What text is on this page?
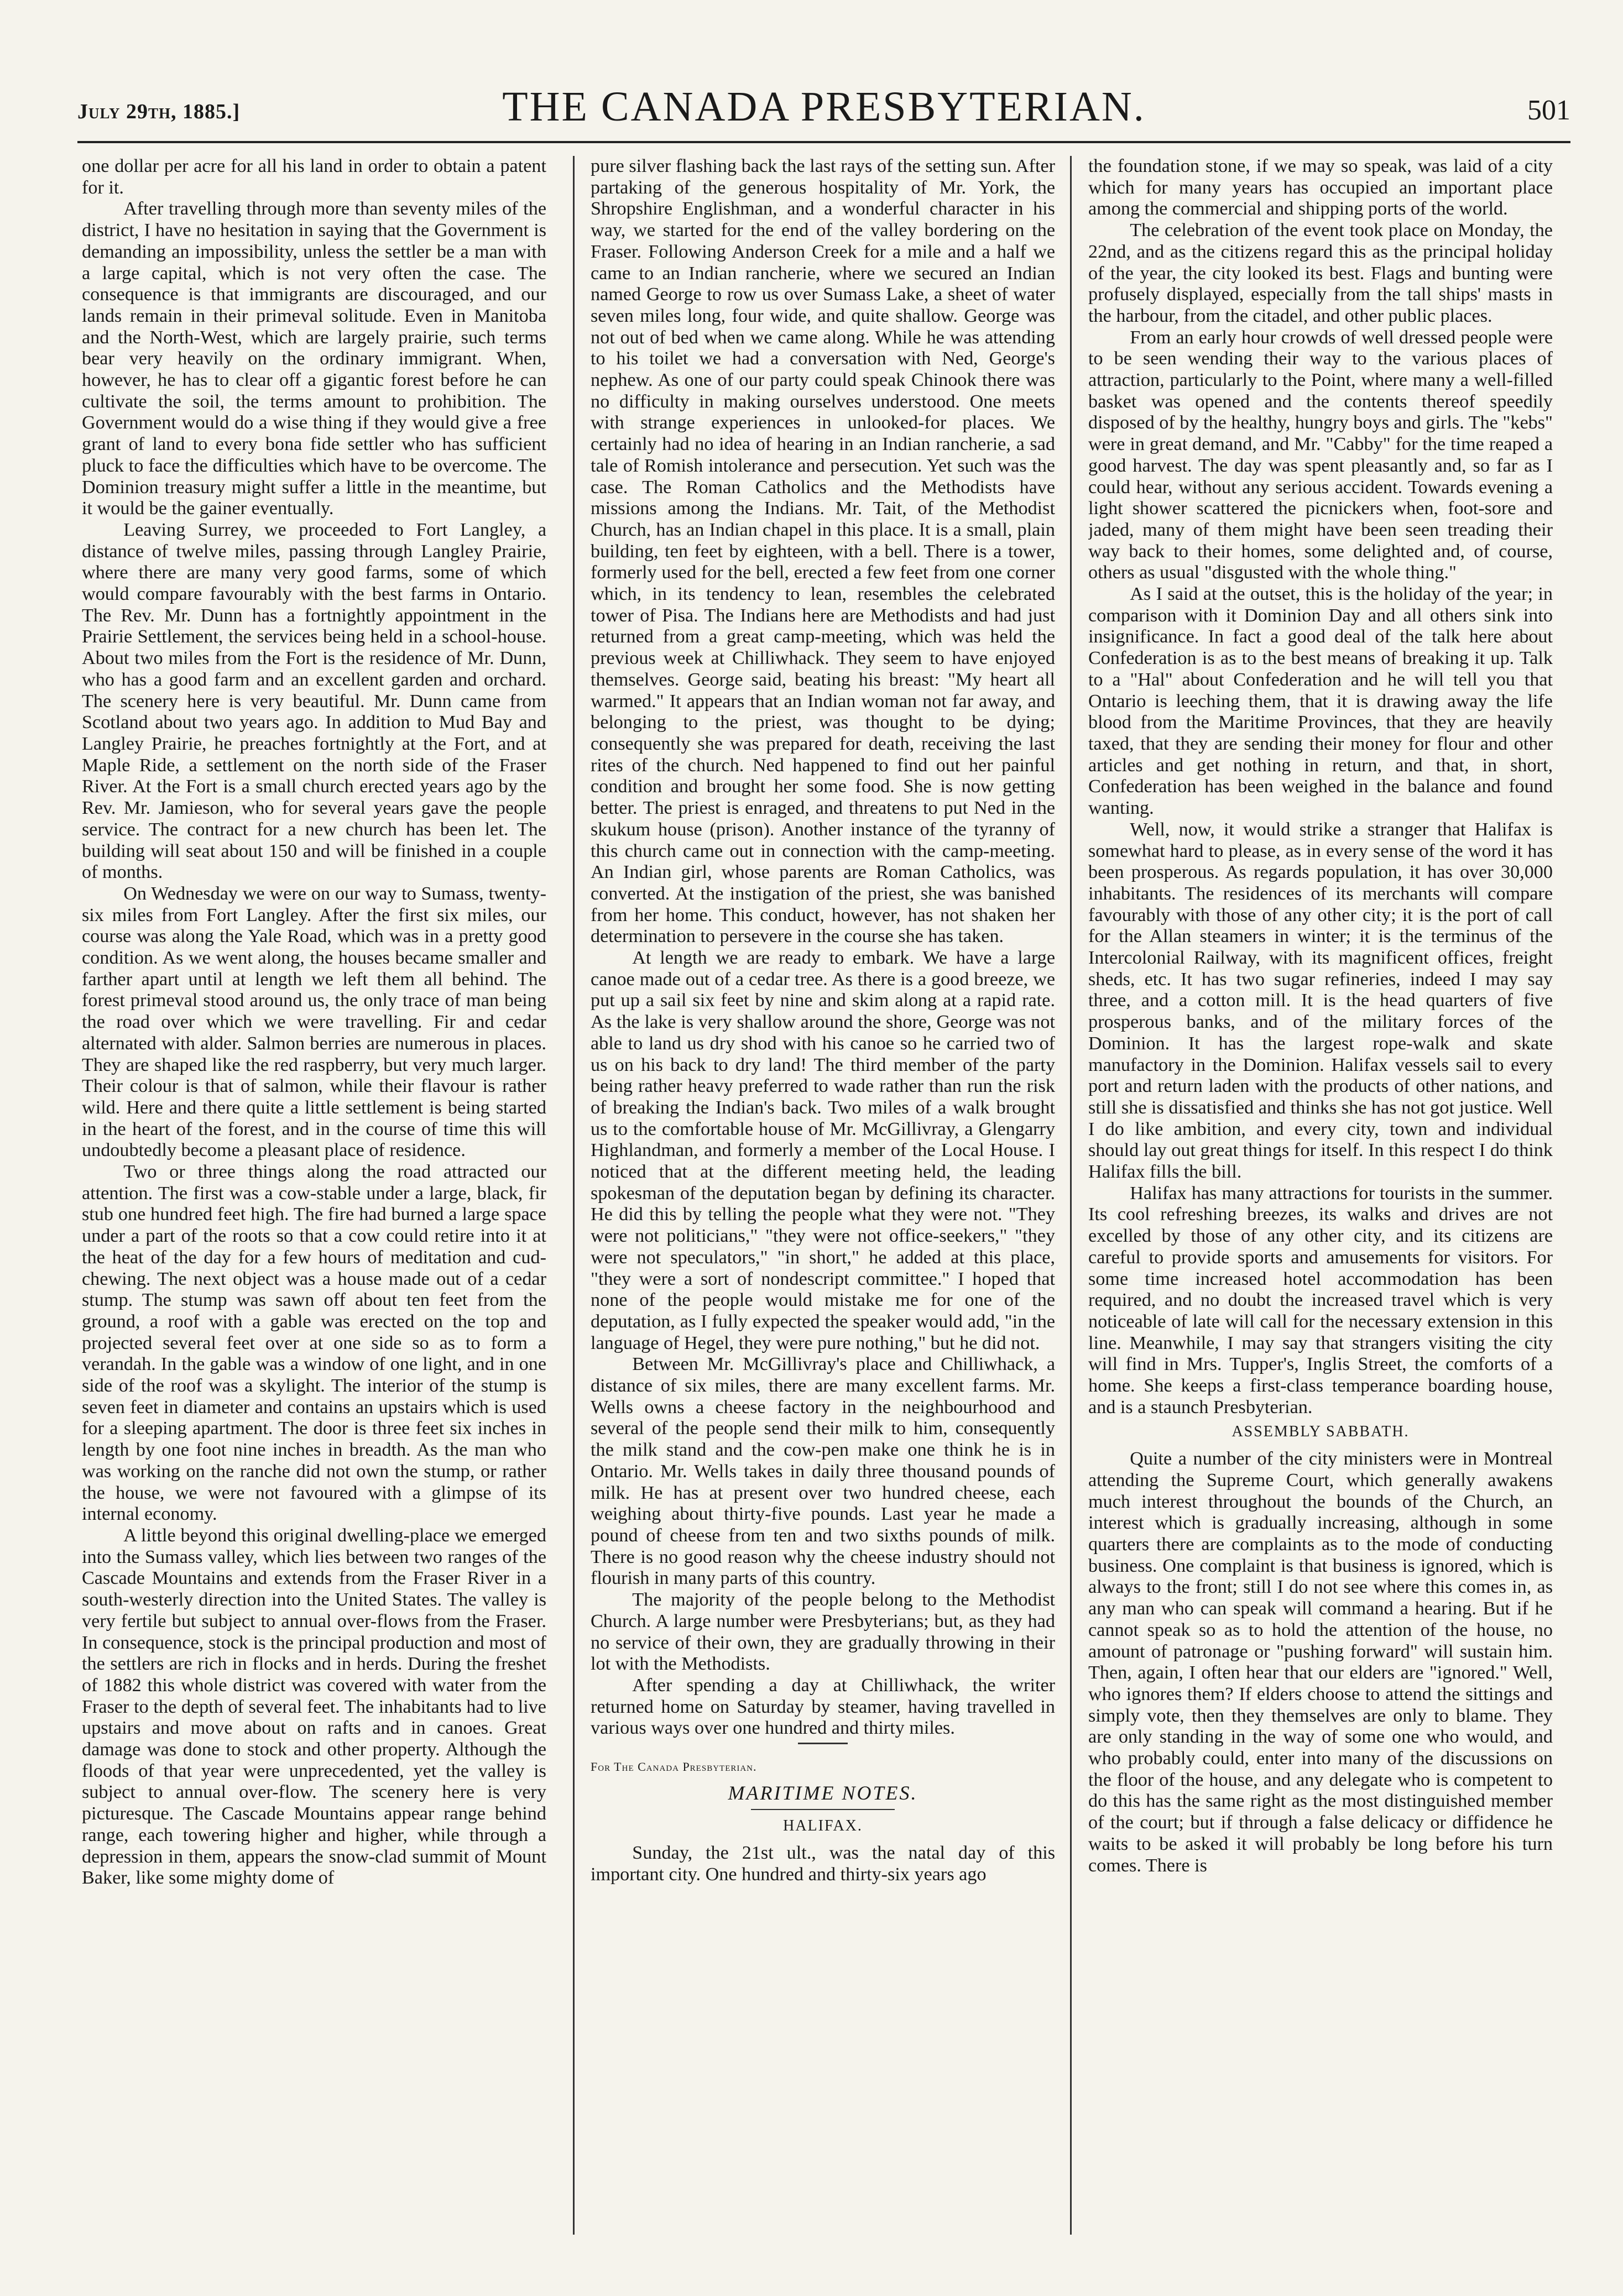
July 29th, 1885.]	THE CANADA PRESBYTERIAN.	501

one dollar per acre for all his land in order to obtain a patent for it.

After travelling through more than seventy miles of the district, I have no hesitation in saying that the Government is demanding an impossibility, unless the settler be a man with a large capital, which is not very often the case. The consequence is that immigrants are discouraged, and our lands remain in their primeval solitude. Even in Manitoba and the North-West, which are largely prairie, such terms bear very heavily on the ordinary immigrant. When, however, he has to clear off a gigantic forest before he can cultivate the soil, the terms amount to prohibition. The Government would do a wise thing if they would give a free grant of land to every bona fide settler who has sufficient pluck to face the difficulties which have to be overcome. The Dominion treasury might suffer a little in the meantime, but it would be the gainer eventually.

Leaving Surrey, we proceeded to Fort Langley, a distance of twelve miles, passing through Langley Prairie, where there are many very good farms, some of which would compare favourably with the best farms in Ontario. The Rev. Mr. Dunn has a fortnightly appointment in the Prairie Settlement, the services being held in a school-house. About two miles from the Fort is the residence of Mr. Dunn, who has a good farm and an excellent garden and orchard. The scenery here is very beautiful. Mr. Dunn came from Scotland about two years ago. In addition to Mud Bay and Langley Prairie, he preaches fortnightly at the Fort, and at Maple Ride, a settlement on the north side of the Fraser River. At the Fort is a small church erected years ago by the Rev. Mr. Jamieson, who for several years gave the people service. The contract for a new church has been let. The building will seat about 150 and will be finished in a couple of months.

On Wednesday we were on our way to Sumass, twenty-six miles from Fort Langley. After the first six miles, our course was along the Yale Road, which was in a pretty good condition. As we went along, the houses became smaller and farther apart until at length we left them all behind. The forest primeval stood around us, the only trace of man being the road over which we were travelling. Fir and cedar alternated with alder. Salmon berries are numerous in places. They are shaped like the red raspberry, but very much larger. Their colour is that of salmon, while their flavour is rather wild. Here and there quite a little settlement is being started in the heart of the forest, and in the course of time this will undoubtedly become a pleasant place of residence.

Two or three things along the road attracted our attention. The first was a cow-stable under a large, black, fir stub one hundred feet high. The fire had burned a large space under a part of the roots so that a cow could retire into it at the heat of the day for a few hours of meditation and cud-chewing. The next object was a house made out of a cedar stump. The stump was sawn off about ten feet from the ground, a roof with a gable was erected on the top and projected several feet over at one side so as to form a verandah. In the gable was a window of one light, and in one side of the roof was a skylight. The interior of the stump is seven feet in diameter and contains an upstairs which is used for a sleeping apartment. The door is three feet six inches in length by one foot nine inches in breadth. As the man who was working on the ranche did not own the stump, or rather the house, we were not favoured with a glimpse of its internal economy.

A little beyond this original dwelling-place we emerged into the Sumass valley, which lies between two ranges of the Cascade Mountains and extends from the Fraser River in a south-westerly direction into the United States. The valley is very fertile but subject to annual over-flows from the Fraser. In consequence, stock is the principal production and most of the settlers are rich in flocks and in herds. During the freshet of 1882 this whole district was covered with water from the Fraser to the depth of several feet. The inhabitants had to live upstairs and move about on rafts and in canoes. Great damage was done to stock and other property. Although the floods of that year were unprecedented, yet the valley is subject to annual over-flow. The scenery here is very picturesque. The Cascade Mountains appear range behind range, each towering higher and higher, while through a depression in them, appears the snow-clad summit of Mount Baker, like some mighty dome of

pure silver flashing back the last rays of the setting sun. After partaking of the generous hospitality of Mr. York, the Shropshire Englishman, and a wonderful character in his way, we started for the end of the valley bordering on the Fraser. Following Anderson Creek for a mile and a half we came to an Indian rancherie, where we secured an Indian named George to row us over Sumass Lake, a sheet of water seven miles long, four wide, and quite shallow. George was not out of bed when we came along. While he was attending to his toilet we had a conversation with Ned, George's nephew. As one of our party could speak Chinook there was no difficulty in making ourselves understood. One meets with strange experiences in unlooked-for places. We certainly had no idea of hearing in an Indian rancherie, a sad tale of Romish intolerance and persecution. Yet such was the case. The Roman Catholics and the Methodists have missions among the Indians. Mr. Tait, of the Methodist Church, has an Indian chapel in this place. It is a small, plain building, ten feet by eighteen, with a bell. There is a tower, formerly used for the bell, erected a few feet from one corner which, in its tendency to lean, resembles the celebrated tower of Pisa. The Indians here are Methodists and had just returned from a great camp-meeting, which was held the previous week at Chilliwhack. They seem to have enjoyed themselves. George said, beating his breast: "My heart all warmed." It appears that an Indian woman not far away, and belonging to the priest, was thought to be dying; consequently she was prepared for death, receiving the last rites of the church. Ned happened to find out her painful condition and brought her some food. She is now getting better. The priest is enraged, and threatens to put Ned in the skukum house (prison). Another instance of the tyranny of this church came out in connection with the camp-meeting. An Indian girl, whose parents are Roman Catholics, was converted. At the instigation of the priest, she was banished from her home. This conduct, however, has not shaken her determination to persevere in the course she has taken.

At length we are ready to embark. We have a large canoe made out of a cedar tree. As there is a good breeze, we put up a sail six feet by nine and skim along at a rapid rate. As the lake is very shallow around the shore, George was not able to land us dry shod with his canoe so he carried two of us on his back to dry land! The third member of the party being rather heavy preferred to wade rather than run the risk of breaking the Indian's back. Two miles of a walk brought us to the comfortable house of Mr. McGillivray, a Glengarry Highlandman, and formerly a member of the Local House. I noticed that at the different meeting held, the leading spokesman of the deputation began by defining its character. He did this by telling the people what they were not. "They were not politicians," "they were not office-seekers," "they were not speculators," "in short," he added at this place, "they were a sort of nondescript committee." I hoped that none of the people would mistake me for one of the deputation, as I fully expected the speaker would add, "in the language of Hegel, they were pure nothing," but he did not.

Between Mr. McGillivray's place and Chilliwhack, a distance of six miles, there are many excellent farms. Mr. Wells owns a cheese factory in the neighbourhood and several of the people send their milk to him, consequently the milk stand and the cow-pen make one think he is in Ontario. Mr. Wells takes in daily three thousand pounds of milk. He has at present over two hundred cheese, each weighing about thirty-five pounds. Last year he made a pound of cheese from ten and two sixths pounds of milk. There is no good reason why the cheese industry should not flourish in many parts of this country.

The majority of the people belong to the Methodist Church. A large number were Presbyterians; but, as they had no service of their own, they are gradually throwing in their lot with the Methodists.

After spending a day at Chilliwhack, the writer returned home on Saturday by steamer, having travelled in various ways over one hundred and thirty miles.

For The Canada Presbyterian.
MARITIME NOTES.
HALIFAX.

Sunday, the 21st ult., was the natal day of this important city. One hundred and thirty-six years ago

the foundation stone, if we may so speak, was laid of a city which for many years has occupied an important place among the commercial and shipping ports of the world.

The celebration of the event took place on Monday, the 22nd, and as the citizens regard this as the principal holiday of the year, the city looked its best. Flags and bunting were profusely displayed, especially from the tall ships' masts in the harbour, from the citadel, and other public places.

From an early hour crowds of well dressed people were to be seen wending their way to the various places of attraction, particularly to the Point, where many a well-filled basket was opened and the contents thereof speedily disposed of by the healthy, hungry boys and girls. The "kebs" were in great demand, and Mr. "Cabby" for the time reaped a good harvest. The day was spent pleasantly and, so far as I could hear, without any serious accident. Towards evening a light shower scattered the picnickers when, foot-sore and jaded, many of them might have been seen treading their way back to their homes, some delighted and, of course, others as usual "disgusted with the whole thing."

As I said at the outset, this is the holiday of the year; in comparison with it Dominion Day and all others sink into insignificance. In fact a good deal of the talk here about Confederation is as to the best means of breaking it up. Talk to a "Hal" about Confederation and he will tell you that Ontario is leeching them, that it is drawing away the life blood from the Maritime Provinces, that they are heavily taxed, that they are sending their money for flour and other articles and get nothing in return, and that, in short, Confederation has been weighed in the balance and found wanting.

Well, now, it would strike a stranger that Halifax is somewhat hard to please, as in every sense of the word it has been prosperous. As regards population, it has over 30,000 inhabitants. The residences of its merchants will compare favourably with those of any other city; it is the port of call for the Allan steamers in winter; it is the terminus of the Intercolonial Railway, with its magnificent offices, freight sheds, etc. It has two sugar refineries, indeed I may say three, and a cotton mill. It is the head quarters of five prosperous banks, and of the military forces of the Dominion. It has the largest rope-walk and skate manufactory in the Dominion. Halifax vessels sail to every port and return laden with the products of other nations, and still she is dissatisfied and thinks she has not got justice. Well I do like ambition, and every city, town and individual should lay out great things for itself. In this respect I do think Halifax fills the bill.

Halifax has many attractions for tourists in the summer. Its cool refreshing breezes, its walks and drives are not excelled by those of any other city, and its citizens are careful to provide sports and amusements for visitors. For some time increased hotel accommodation has been required, and no doubt the increased travel which is very noticeable of late will call for the necessary extension in this line. Meanwhile, I may say that strangers visiting the city will find in Mrs. Tupper's, Inglis Street, the comforts of a home. She keeps a first-class temperance boarding house, and is a staunch Presbyterian.

ASSEMBLY SABBATH.

Quite a number of the city ministers were in Montreal attending the Supreme Court, which generally awakens much interest throughout the bounds of the Church, an interest which is gradually increasing, although in some quarters there are complaints as to the mode of conducting business. One complaint is that business is ignored, which is always to the front; still I do not see where this comes in, as any man who can speak will command a hearing. But if he cannot speak so as to hold the attention of the house, no amount of patronage or "pushing forward" will sustain him. Then, again, I often hear that our elders are "ignored." Well, who ignores them? If elders choose to attend the sittings and simply vote, then they themselves are only to blame. They are only standing in the way of some one who would, and who probably could, enter into many of the discussions on the floor of the house, and any delegate who is competent to do this has the same right as the most distinguished member of the court; but if through a false delicacy or diffidence he waits to be asked it will probably be long before his turn comes. There is
